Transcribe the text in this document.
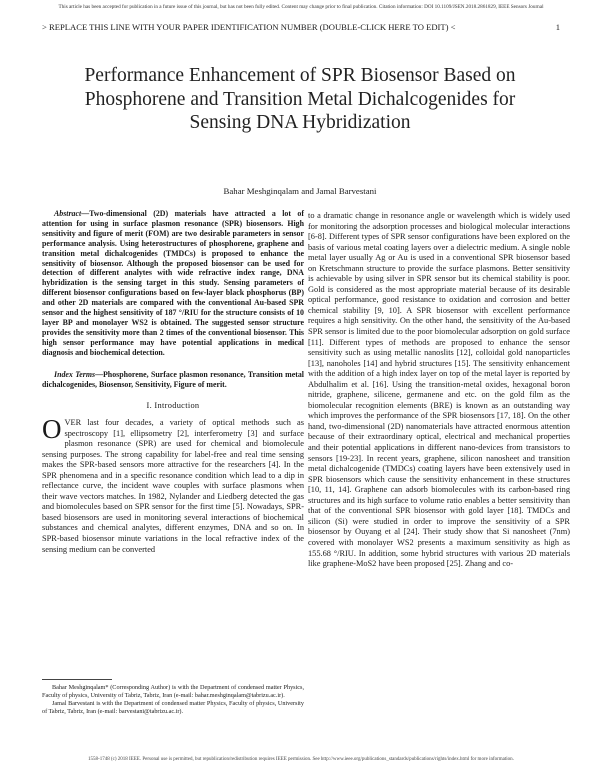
This article has been accepted for publication in a future issue of this journal, but has not been fully edited. Content may change prior to final publication. Citation information: DOI 10.1109/JSEN.2018.2861829, IEEE Sensors Journal
> REPLACE THIS LINE WITH YOUR PAPER IDENTIFICATION NUMBER (DOUBLE-CLICK HERE TO EDIT) <	1
Performance Enhancement of SPR Biosensor Based on Phosphorene and Transition Metal Dichalcogenides for Sensing DNA Hybridization
Bahar Meshginqalam and Jamal Barvestani

Abstract—Two-dimensional (2D) materials have attracted a lot of attention for using in surface plasmon resonance (SPR) biosensors. High sensitivity and figure of merit (FOM) are two desirable parameters in sensor performance analysis. Using heterostructures of phosphorene, graphene and transition metal dichalcogenides (TMDCs) is proposed to enhance the sensitivity of biosensor. Although the proposed biosensor can be used for detection of different analytes with wide refractive index range, DNA hybridization is the sensing target in this study. Sensing parameters of different biosensor configurations based on few-layer black phosphorus (BP) and other 2D materials are compared with the conventional Au-based SPR sensor and the highest sensitivity of 187 °/RIU for the structure consists of 10 layer BP and monolayer WS2 is obtained. The suggested sensor structure provides the sensitivity more than 2 times of the conventional biosensor. This high sensor performance may have potential applications in medical diagnosis and biochemical detection.

Index Terms—Phosphorene, Surface plasmon resonance, Transition metal dichalcogenides, Biosensor, Sensitivity, Figure of merit.

I. Introduction

OVER last four decades, a variety of optical methods such as spectroscopy [1], ellipsometry [2], interferometry [3] and surface plasmon resonance (SPR) are used for chemical and biomolecule sensing purposes. The strong capability for label-free and real time sensing makes the SPR-based sensors more attractive for the researchers [4]. In the SPR phenomena and in a specific resonance condition which lead to a dip in reflectance curve, the incident wave couples with surface plasmons when their wave vectors matches. In 1982, Nylander and Liedberg detected the gas and biomolecules based on SPR sensor for the first time [5]. Nowadays, SPR-based biosensors are used in monitoring several interactions of biochemical substances and chemical analytes, different enzymes, DNA and so on. In SPR-based biosensor minute variations in the local refractive index of the sensing medium can be converted

Bahar Meshginqalam* (Corresponding Author) is with the Department of condensed matter Physics, Faculty of physics, University of Tabriz, Tabriz, Iran (e-mail: bahar.meshginqalam@tabrizu.ac.ir).

Jamal Barvestani is with the Department of condensed matter Physics, Faculty of physics, University of Tabriz, Tabriz, Iran (e-mail: barvestani@tabrizu.ac.ir).

to a dramatic change in resonance angle or wavelength which is widely used for monitoring the adsorption processes and biological molecular interactions [6-8]. Different types of SPR sensor configurations have been explored on the basis of various metal coating layers over a dielectric medium. A single noble metal layer usually Ag or Au is used in a conventional SPR biosensor based on Kretschmann structure to provide the surface plasmons. Better sensitivity is achievable by using silver in SPR sensor but its chemical stability is poor. Gold is considered as the most appropriate material because of its desirable optical performance, good resistance to oxidation and corrosion and better chemical stability [9, 10]. A SPR biosensor with excellent performance requires a high sensitivity. On the other hand, the sensitivity of the Au-based SPR sensor is limited due to the poor biomolecular adsorption on gold surface [11]. Different types of methods are proposed to enhance the sensor sensitivity such as using metallic nanoslits [12], colloidal gold nanoparticles [13], nanoholes [14] and hybrid structures [15]. The sensitivity enhancement with the addition of a high index layer on top of the metal layer is reported by Abdulhalim et al. [16]. Using the transition-metal oxides, hexagonal boron nitride, graphene, silicene, germanene and etc. on the gold film as the biomolecular recognition elements (BRE) is known as an outstanding way which improves the performance of the SPR biosensors [17, 18]. On the other hand, two-dimensional (2D) nanomaterials have attracted enormous attention because of their extraordinary optical, electrical and mechanical properties and their potential applications in different nano-devices from transistors to sensors [19-23]. In recent years, graphene, silicon nanosheet and transition metal dichalcogenide (TMDCs) coating layers have been extensively used in SPR biosensors which cause the sensitivity enhancement in these structures [10, 11, 14]. Graphene can adsorb biomolecules with its carbon-based ring structures and its high surface to volume ratio enables a better sensitivity than that of the conventional SPR biosensor with gold layer [18]. TMDCs and silicon (Si) were studied in order to improve the sensitivity of a SPR biosensor by Ouyang et al [24]. Their study show that Si nanosheet (7nm) covered with monolayer WS2 presents a maximum sensitivity as high as 155.68 °/RIU. In addition, some hybrid structures with various 2D materials like graphene-MoS2 have been proposed [25]. Zhang and co-

1558-1748 (c) 2018 IEEE. Personal use is permitted, but republication/redistribution requires IEEE permission. See http://www.ieee.org/publications_standards/publications/rights/index.html for more information.
